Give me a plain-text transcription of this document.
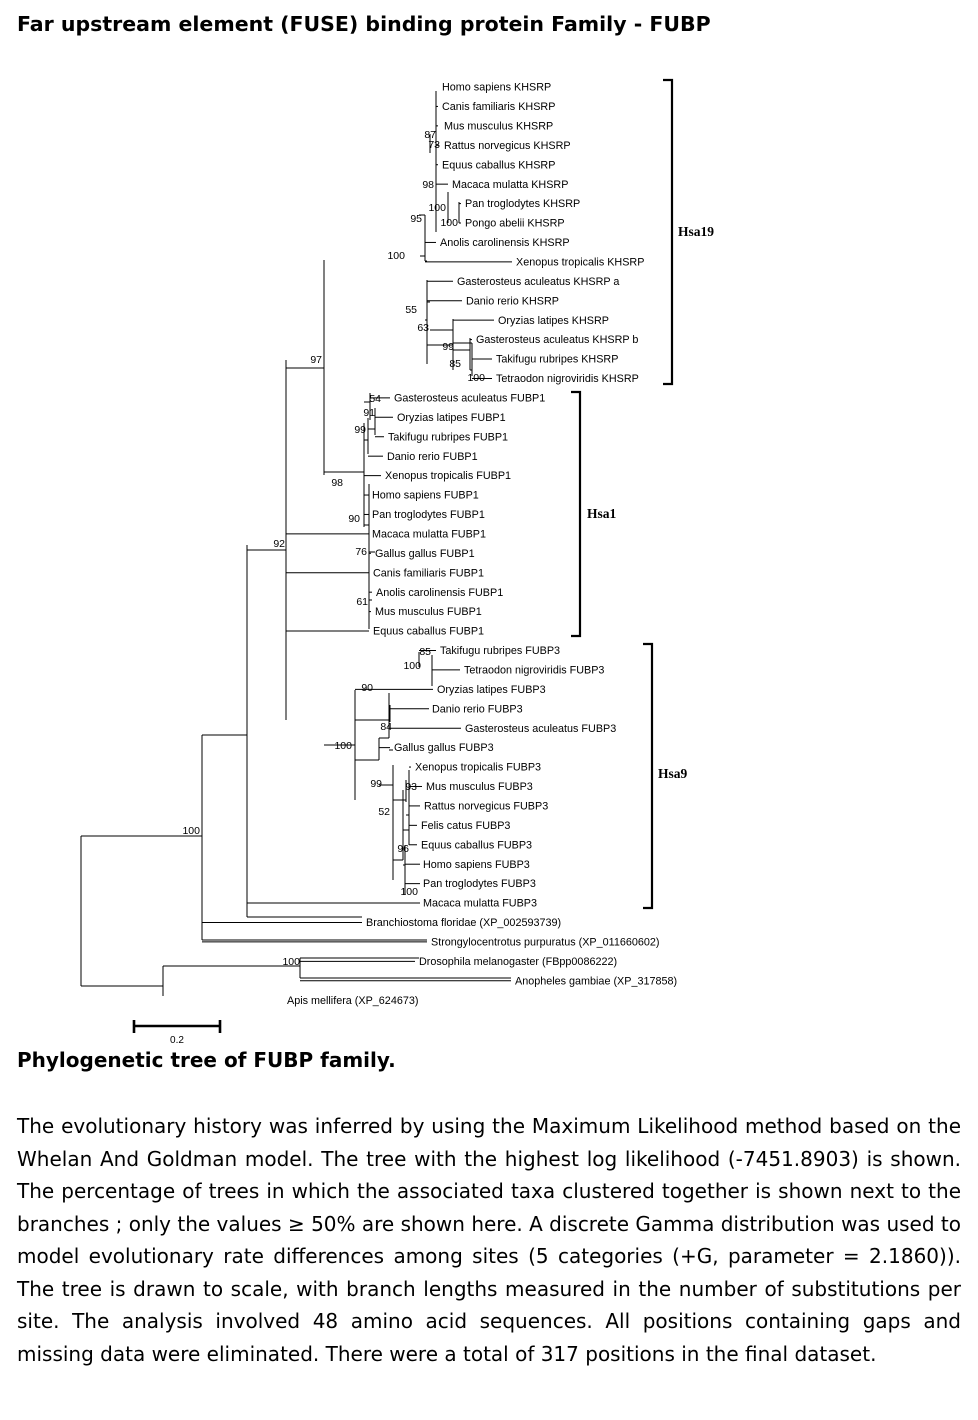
Far upstream element (FUSE) binding protein Family - FUBP
Homo sapiens KHSRP
Canis familiaris KHSRP
Mus musculus KHSRP
Rattus norvegicus KHSRP
Equus caballus KHSRP
Macaca mulatta KHSRP
Pan troglodytes KHSRP
Pongo abelii KHSRP
Anolis carolinensis KHSRP
Xenopus tropicalis KHSRP
Gasterosteus aculeatus KHSRP a
Danio rerio KHSRP
Oryzias latipes KHSRP
Gasterosteus aculeatus KHSRP b
Takifugu rubripes KHSRP
Tetraodon nigroviridis KHSRP
Gasterosteus aculeatus FUBP1
Oryzias latipes FUBP1
Takifugu rubripes FUBP1
Danio rerio FUBP1
Xenopus tropicalis FUBP1
Homo sapiens FUBP1
Pan troglodytes FUBP1
Macaca mulatta FUBP1
Gallus gallus FUBP1
Canis familiaris FUBP1
Anolis carolinensis FUBP1
Mus musculus FUBP1
Equus caballus FUBP1
Takifugu rubripes FUBP3
Tetraodon nigroviridis FUBP3
Oryzias latipes FUBP3
Danio rerio FUBP3
Gasterosteus aculeatus FUBP3
Gallus gallus FUBP3
Xenopus tropicalis FUBP3
Mus musculus FUBP3
Rattus norvegicus FUBP3
Felis catus FUBP3
Equus caballus FUBP3
Homo sapiens FUBP3
Pan troglodytes FUBP3
Macaca mulatta FUBP3
Branchiostoma floridae (XP_002593739)
Strongylocentrotus purpuratus (XP_011660602)
Drosophila melanogaster (FBpp0086222)
Anopheles gambiae (XP_317858)
Apis mellifera (XP_624673)
87
73
98
100
100
95
100
55
63
99
85
100
97
54
91
99
98
90
76
61
92
85
100
90
84
100
99 93
52
96
100
100
100
Hsa19
Hsa1
Hsa9
0.2
Phylogenetic tree of FUBP family.

The evolutionary history was inferred by using the Maximum Likelihood method based on the Whelan And Goldman model. The tree with the highest log likelihood (-7451.8903) is shown. The percentage of trees in which the associated taxa clustered together is shown next to the branches ; only the values ≥ 50% are shown here. A discrete Gamma distribution was used to model evolutionary rate differences among sites (5 categories (+G, parameter = 2.1860)). The tree is drawn to scale, with branch lengths measured in the number of substitutions per site. The analysis involved 48 amino acid sequences. All positions containing gaps and missing data were eliminated. There were a total of 317 positions in the final dataset.
